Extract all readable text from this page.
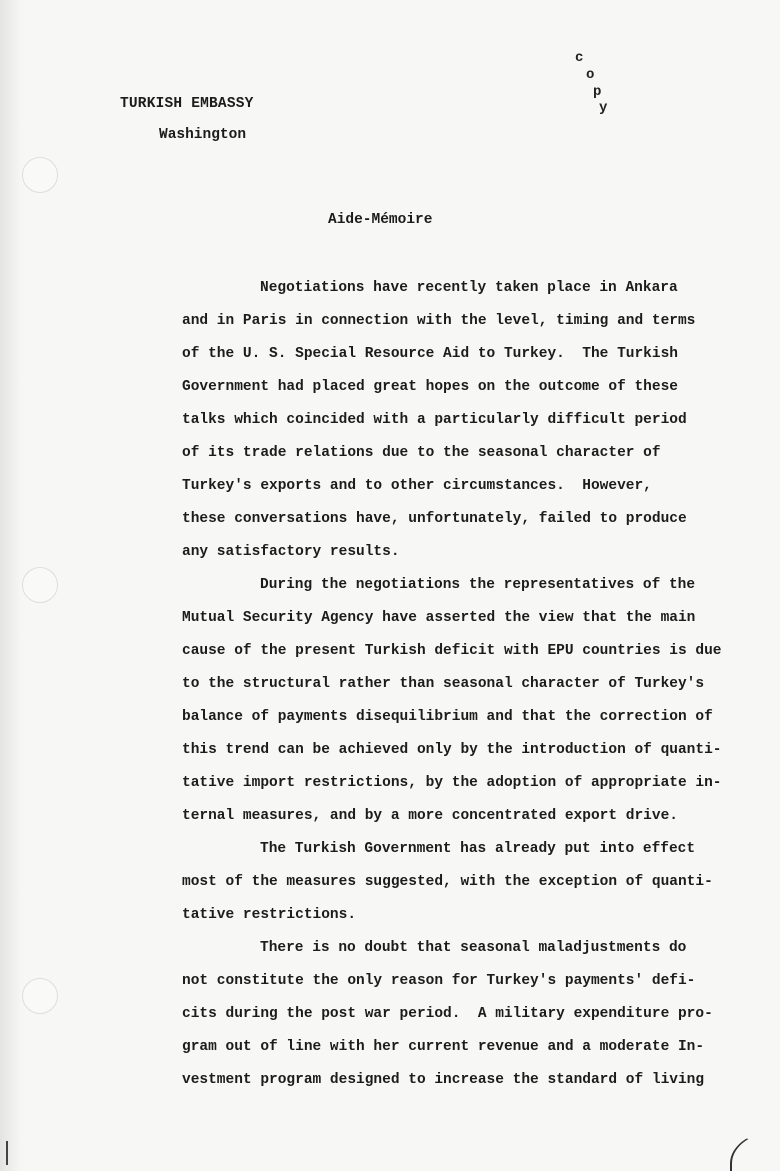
c
o
p
y
TURKISH EMBASSY
Washington
Aide-Mémoire
Negotiations have recently taken place in Ankara
and in Paris in connection with the level, timing and terms
of the U. S. Special Resource Aid to Turkey.  The Turkish
Government had placed great hopes on the outcome of these
talks which coincided with a particularly difficult period
of its trade relations due to the seasonal character of
Turkey's exports and to other circumstances.  However,
these conversations have, unfortunately, failed to produce
any satisfactory results.
During the negotiations the representatives of the
Mutual Security Agency have asserted the view that the main
cause of the present Turkish deficit with EPU countries is due
to the structural rather than seasonal character of Turkey's
balance of payments disequilibrium and that the correction of
this trend can be achieved only by the introduction of quanti-
tative import restrictions, by the adoption of appropriate in-
ternal measures, and by a more concentrated export drive.
The Turkish Government has already put into effect
most of the measures suggested, with the exception of quanti-
tative restrictions.
There is no doubt that seasonal maladjustments do
not constitute the only reason for Turkey's payments' defi-
cits during the post war period.  A military expenditure pro-
gram out of line with her current revenue and a moderate In-
vestment program designed to increase the standard of living
